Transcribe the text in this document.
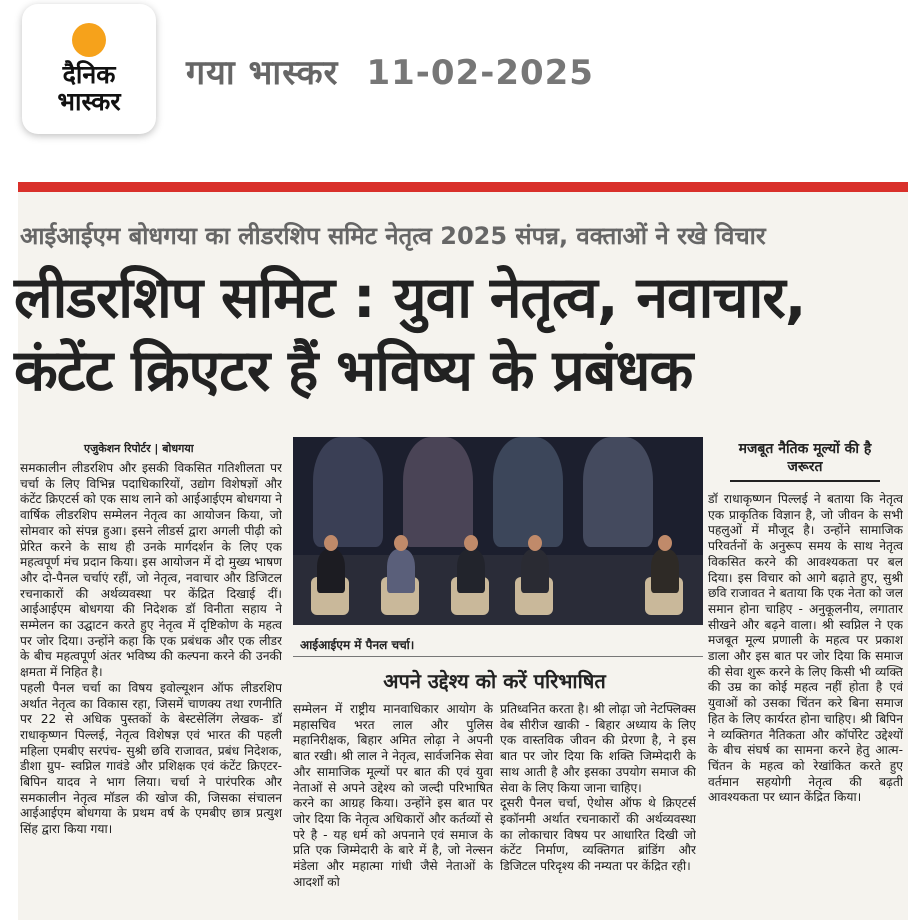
दैनिक
भास्कर
गया भास्कर 11-02-2025
आईआईएम बोधगया का लीडरशिप समिट नेतृत्व 2025 संपन्न, वक्ताओं ने रखे विचार
लीडरशिप समिट : युवा नेतृत्व, नवाचार,
कंटेंट क्रिएटर हैं भविष्य के प्रबंधक
एजुकेशन रिपोर्टर | बोधगया

समकालीन लीडरशिप और इसकी विकसित गतिशीलता पर चर्चा के लिए विभिन्न पदाधिकारियों, उद्योग विशेषज्ञों और कंटेंट क्रिएटर्स को एक साथ लाने को आईआईएम बोधगया ने वार्षिक लीडरशिप सम्मेलन नेतृत्व का आयोजन किया, जो सोमवार को संपन्न हुआ। इसने लीडर्स द्वारा अगली पीढ़ी को प्रेरित करने के साथ ही उनके मार्गदर्शन के लिए एक महत्वपूर्ण मंच प्रदान किया। इस आयोजन में दो मुख्य भाषण और दो-पैनल चर्चाएं रहीं, जो नेतृत्व, नवाचार और डिजिटल रचनाकारों की अर्थव्यवस्था पर केंद्रित दिखाई दीं। आईआईएम बोधगया की निदेशक डॉ विनीता सहाय ने सम्मेलन का उद्घाटन करते हुए नेतृत्व में दृष्टिकोण के महत्व पर जोर दिया। उन्होंने कहा कि एक प्रबंधक और एक लीडर के बीच महत्वपूर्ण अंतर भविष्य की कल्पना करने की उनकी क्षमता में निहित है।

पहली पैनल चर्चा का विषय इवोल्यूशन ऑफ लीडरशिप अर्थात नेतृत्व का विकास रहा, जिसमें चाणक्य तथा रणनीति पर 22 से अधिक पुस्तकों के बेस्टसेलिंग लेखक- डॉ राधाकृष्णन पिल्लई, नेतृत्व विशेषज्ञ एवं भारत की पहली महिला एमबीए सरपंच- सुश्री छवि राजावत, प्रबंध निदेशक, डीशा ग्रुप- स्वप्निल गावंडे और प्रशिक्षक एवं कंटेंट क्रिएटर- बिपिन यादव ने भाग लिया। चर्चा ने पारंपरिक और समकालीन नेतृत्व मॉडल की खोज की, जिसका संचालन आईआईएम बोधगया के प्रथम वर्ष के एमबीए छात्र प्रत्युश सिंह द्वारा किया गया।

आईआईएम में पैनल चर्चा।
अपने उद्देश्य को करें परिभाषित

सम्मेलन में राष्ट्रीय मानवाधिकार आयोग के महासचिव भरत लाल और पुलिस महानिरीक्षक, बिहार अमित लोढ़ा ने अपनी बात रखी। श्री लाल ने नेतृत्व, सार्वजनिक सेवा और सामाजिक मूल्यों पर बात की एवं युवा नेताओं से अपने उद्देश्य को जल्दी परिभाषित करने का आग्रह किया। उन्होंने इस बात पर जोर दिया कि नेतृत्व अधिकारों और कर्तव्यों से परे है - यह धर्म को अपनाने एवं समाज के प्रति एक जिम्मेदारी के बारे में है, जो नेल्सन मंडेला और महात्मा गांधी जैसे नेताओं के आदर्शों को

प्रतिध्वनित करता है। श्री लोढ़ा जो नेटफ्लिक्स वेब सीरीज खाकी - बिहार अध्याय के लिए एक वास्तविक जीवन की प्रेरणा है, ने इस बात पर जोर दिया कि शक्ति जिम्मेदारी के साथ आती है और इसका उपयोग समाज की सेवा के लिए किया जाना चाहिए।

दूसरी पैनल चर्चा, ऐथोस ऑफ थे क्रिएटर्स इकॉनमी अर्थात रचनाकारों की अर्थव्यवस्था का लोकाचार विषय पर आधारित दिखी जो कंटेंट निर्माण, व्यक्तिगत ब्रांडिंग और डिजिटल परिदृश्य की नम्यता पर केंद्रित रही।

मजबूत नैतिक मूल्यों की है जरूरत

डॉ राधाकृष्णन पिल्लई ने बताया कि नेतृत्व एक प्राकृतिक विज्ञान है, जो जीवन के सभी पहलुओं में मौजूद है। उन्होंने सामाजिक परिवर्तनों के अनुरूप समय के साथ नेतृत्व विकसित करने की आवश्यकता पर बल दिया। इस विचार को आगे बढ़ाते हुए, सुश्री छवि राजावत ने बताया कि एक नेता को जल समान होना चाहिए - अनुकूलनीय, लगातार सीखने और बढ़ने वाला। श्री स्वप्निल ने एक मजबूत मूल्य प्रणाली के महत्व पर प्रकाश डाला और इस बात पर जोर दिया कि समाज की सेवा शुरू करने के लिए किसी भी व्यक्ति की उम्र का कोई महत्व नहीं होता है एवं युवाओं को उसका चिंतन करे बिना समाज हित के लिए कार्यरत होना चाहिए। श्री बिपिन ने व्यक्तिगत नैतिकता और कॉर्पोरेट उद्देश्यों के बीच संघर्ष का सामना करने हेतु आत्म-चिंतन के महत्व को रेखांकित करते हुए वर्तमान सहयोगी नेतृत्व की बढ़ती आवश्यकता पर ध्यान केंद्रित किया।
